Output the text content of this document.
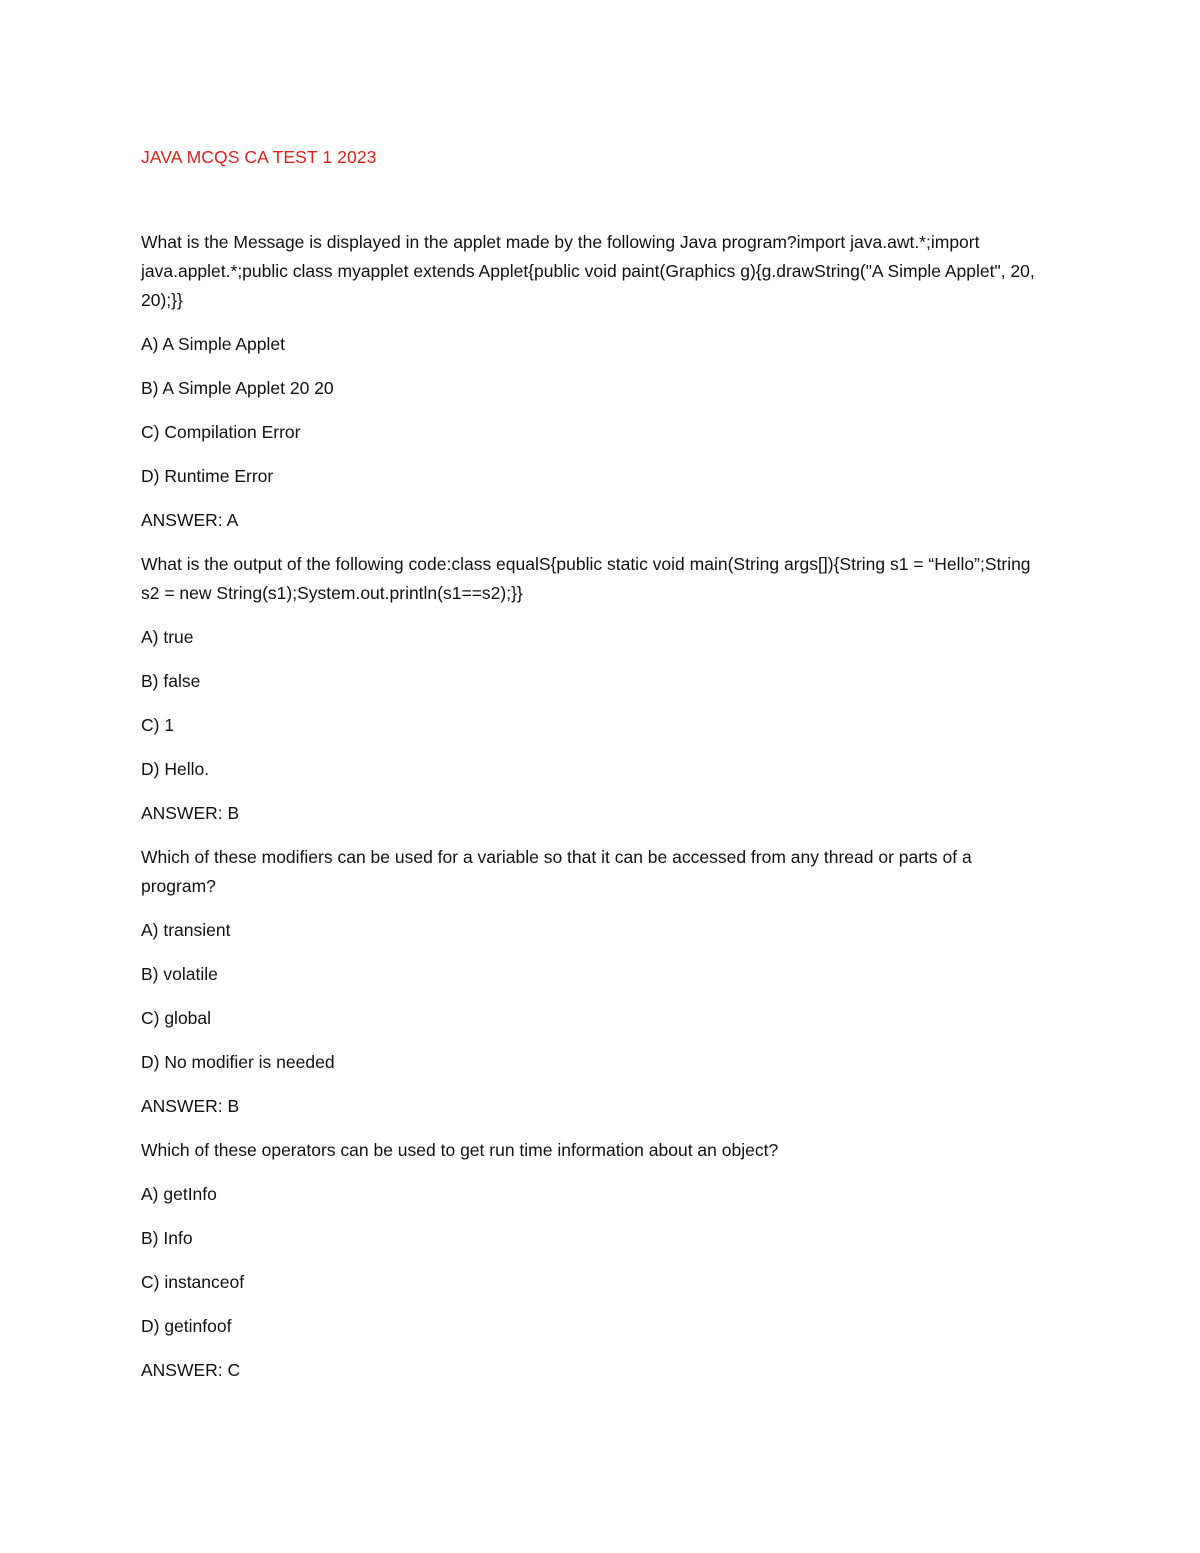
JAVA MCQS CA TEST 1 2023
What is the Message is displayed in the applet made by the following Java program?import java.awt.*;import java.applet.*;public class myapplet extends Applet{public void paint(Graphics g){g.drawString("A Simple Applet", 20, 20);}}
A) A Simple Applet
B) A Simple Applet 20 20
C) Compilation Error
D) Runtime Error
ANSWER: A
What is the output of the following code:class equalS{public static void main(String args[]){String s1 = “Hello”;String s2 = new String(s1);System.out.println(s1==s2);}}
A) true
B) false
C) 1
D) Hello.
ANSWER: B
Which of these modifiers can be used for a variable so that it can be accessed from any thread or parts of a program?
A) transient
B) volatile
C) global
D) No modifier is needed
ANSWER: B
Which of these operators can be used to get run time information about an object?
A) getInfo
B) Info
C) instanceof
D) getinfoof
ANSWER: C
